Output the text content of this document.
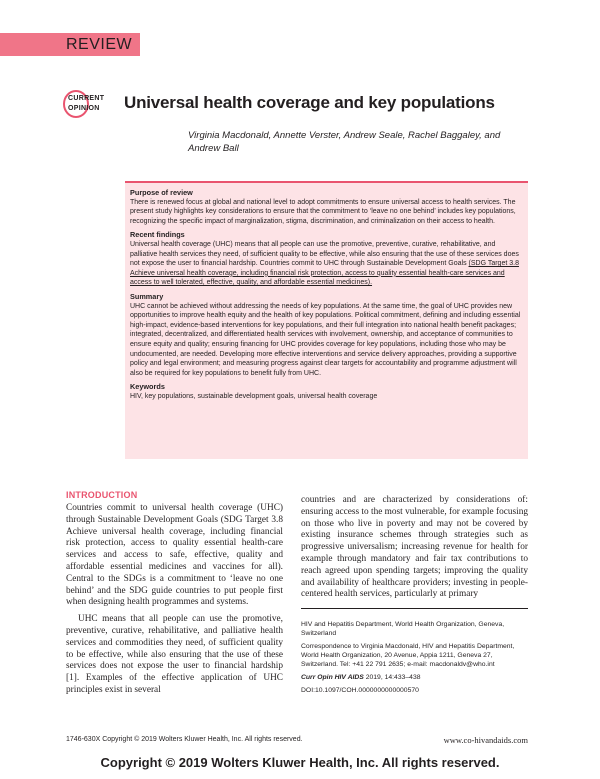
REVIEW
CURRENT
OPINION Universal health coverage and key populations
Virginia Macdonald, Annette Verster, Andrew Seale, Rachel Baggaley, and Andrew Ball
Purpose of review

There is renewed focus at global and national level to adopt commitments to ensure universal access to health services. The present study highlights key considerations to ensure that the commitment to ‘leave no one behind’ includes key populations, recognizing the specific impact of marginalization, stigma, discrimination, and criminalization on their access to health.

Recent findings

Universal health coverage (UHC) means that all people can use the promotive, preventive, curative, rehabilitative, and palliative health services they need, of sufficient quality to be effective, while also ensuring that the use of these services does not expose the user to financial hardship. Countries commit to UHC through Sustainable Development Goals (SDG Target 3.8 Achieve universal health coverage, including financial risk protection, access to quality essential health-care services and access to well tolerated, effective, quality, and affordable essential medicines).

Summary

UHC cannot be achieved without addressing the needs of key populations. At the same time, the goal of UHC provides new opportunities to improve health equity and the health of key populations. Political commitment, defining and including essential high-impact, evidence-based interventions for key populations, and their full integration into national health benefit packages; integrated, decentralized, and differentiated health services with involvement, ownership, and acceptance of communities to ensure equity and quality; ensuring financing for UHC provides coverage for key populations, including those who may be undocumented, are needed. Developing more effective interventions and service delivery approaches, providing a supportive policy and legal environment; and measuring progress against clear targets for accountability and programme adjustment will also be required for key populations to benefit fully from UHC.

Keywords

HIV, key populations, sustainable development goals, universal health coverage

INTRODUCTION

Countries commit to universal health coverage (UHC) through Sustainable Development Goals (SDG Target 3.8 Achieve universal health coverage, including financial risk protection, access to quality essential health-care services and access to safe, effective, quality and affordable essential medicines and vaccines for all). Central to the SDGs is a commitment to ‘leave no one behind’ and the SDG guide countries to put people first when designing health programmes and systems.

UHC means that all people can use the promotive, preventive, curative, rehabilitative, and palliative health services and commodities they need, of sufficient quality to be effective, while also ensuring that the use of these services does not expose the user to financial hardship [1]. Examples of the effective application of UHC principles exist in several

countries and are characterized by considerations of: ensuring access to the most vulnerable, for example focusing on those who live in poverty and may not be covered by existing insurance schemes through strategies such as progressive universalism; increasing revenue for health for example through mandatory and fair tax contributions to reach agreed upon spending targets; improving the quality and availability of healthcare providers; investing in people-centered health services, particularly at primary

HIV and Hepatitis Department, World Health Organization, Geneva, Switzerland

Correspondence to Virginia Macdonald, HIV and Hepatitis Department, World Health Organization, 20 Avenue, Appia 1211, Geneva 27, Switzerland. Tel: +41 22 791 2635; e-mail: macdonaldv@who.int

Curr Opin HIV AIDS 2019, 14:433–438

DOI:10.1097/COH.0000000000000570

1746-630X Copyright © 2019 Wolters Kluwer Health, Inc. All rights reserved.	www.co-hivandaids.com
Copyright © 2019 Wolters Kluwer Health, Inc. All rights reserved.
